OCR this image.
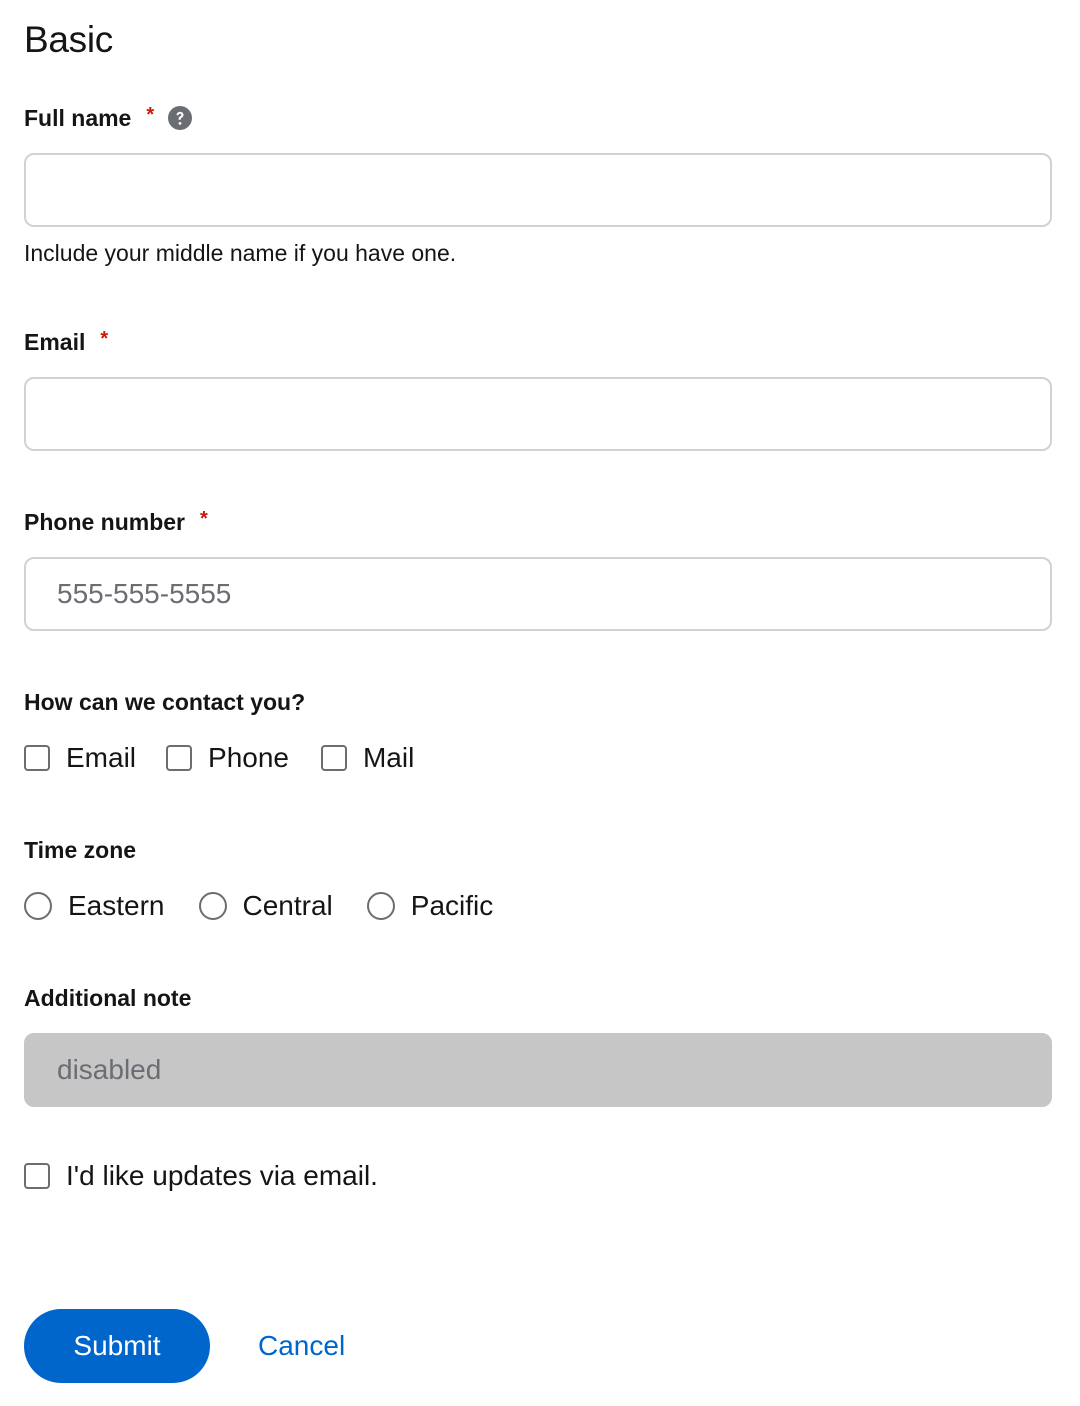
Basic
Full name *
Include your middle name if you have one.
Email *
Phone number *
555-555-5555
How can we contact you?
Email	Phone	Mail
Time zone
Eastern	Central	Pacific
Additional note
disabled
I'd like updates via email.
Submit	Cancel
